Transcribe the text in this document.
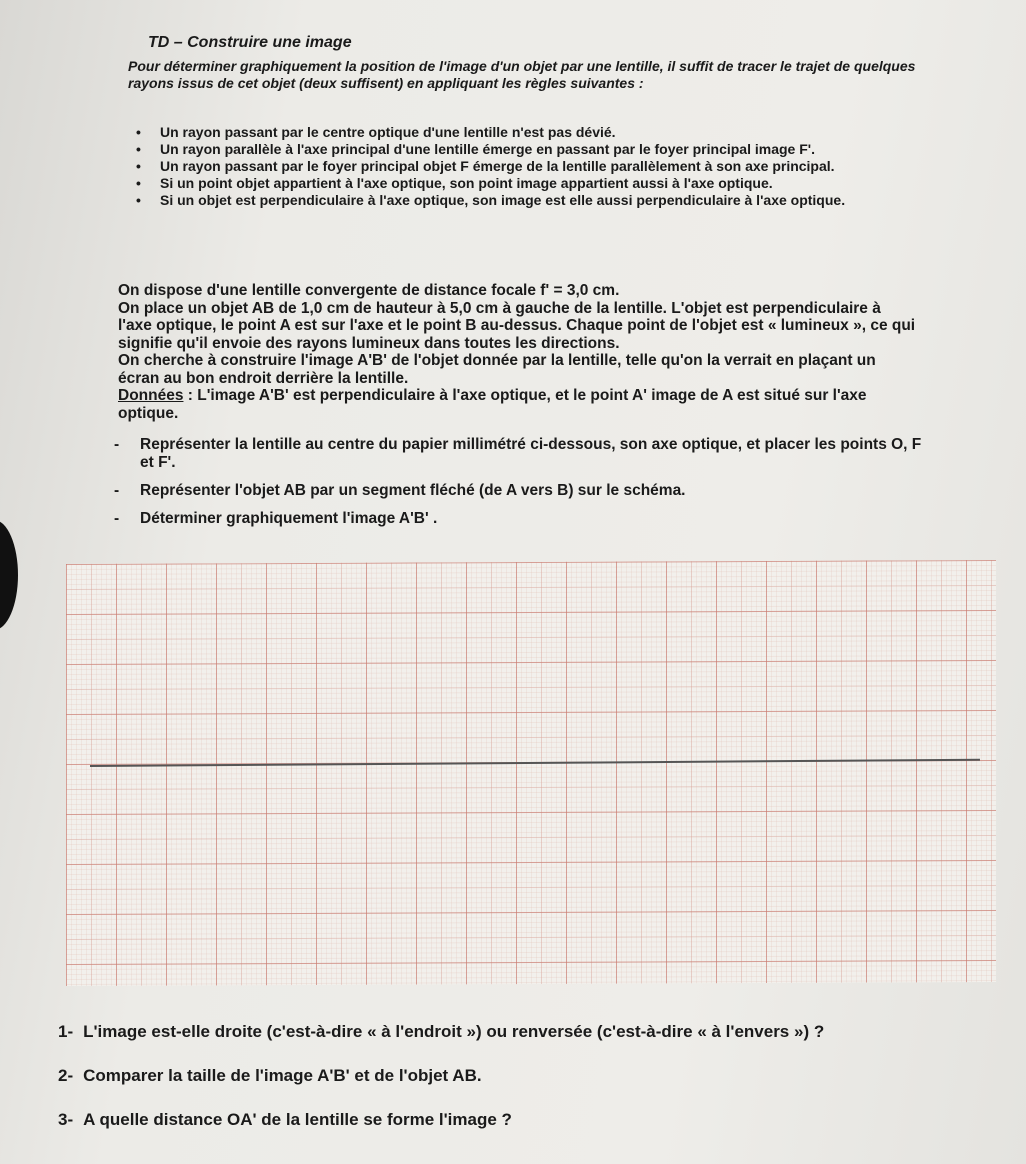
TD – Construire une image
Pour déterminer graphiquement la position de l'image d'un objet par une lentille, il suffit de tracer le trajet de quelques rayons issus de cet objet (deux suffisent) en appliquant les règles suivantes :
• Un rayon passant par le centre optique d'une lentille n'est pas dévié.
• Un rayon parallèle à l'axe principal d'une lentille émerge en passant par le foyer principal image F'.
• Un rayon passant par le foyer principal objet F émerge de la lentille parallèlement à son axe principal.
• Si un point objet appartient à l'axe optique, son point image appartient aussi à l'axe optique.
• Si un objet est perpendiculaire à l'axe optique, son image est elle aussi perpendiculaire à l'axe optique.

On dispose d'une lentille convergente de distance focale f' = 3,0 cm.

On place un objet AB de 1,0 cm de hauteur à 5,0 cm à gauche de la lentille. L'objet est perpendiculaire à l'axe optique, le point A est sur l'axe et le point B au-dessus. Chaque point de l'objet est « lumineux », ce qui signifie qu'il envoie des rayons lumineux dans toutes les directions.

On cherche à construire l'image A'B' de l'objet donnée par la lentille, telle qu'on la verrait en plaçant un écran au bon endroit derrière la lentille.

Données : L'image A'B' est perpendiculaire à l'axe optique, et le point A' image de A est situé sur l'axe optique.

- Représenter la lentille au centre du papier millimétré ci-dessous, son axe optique, et placer les points O, F et F'.
- Représenter l'objet AB par un segment fléché (de A vers B) sur le schéma.
- Déterminer graphiquement l'image A'B' .
1- L'image est-elle droite (c'est-à-dire « à l'endroit ») ou renversée (c'est-à-dire « à l'envers ») ?
2- Comparer la taille de l'image A'B' et de l'objet AB.
3- A quelle distance OA' de la lentille se forme l'image ?
